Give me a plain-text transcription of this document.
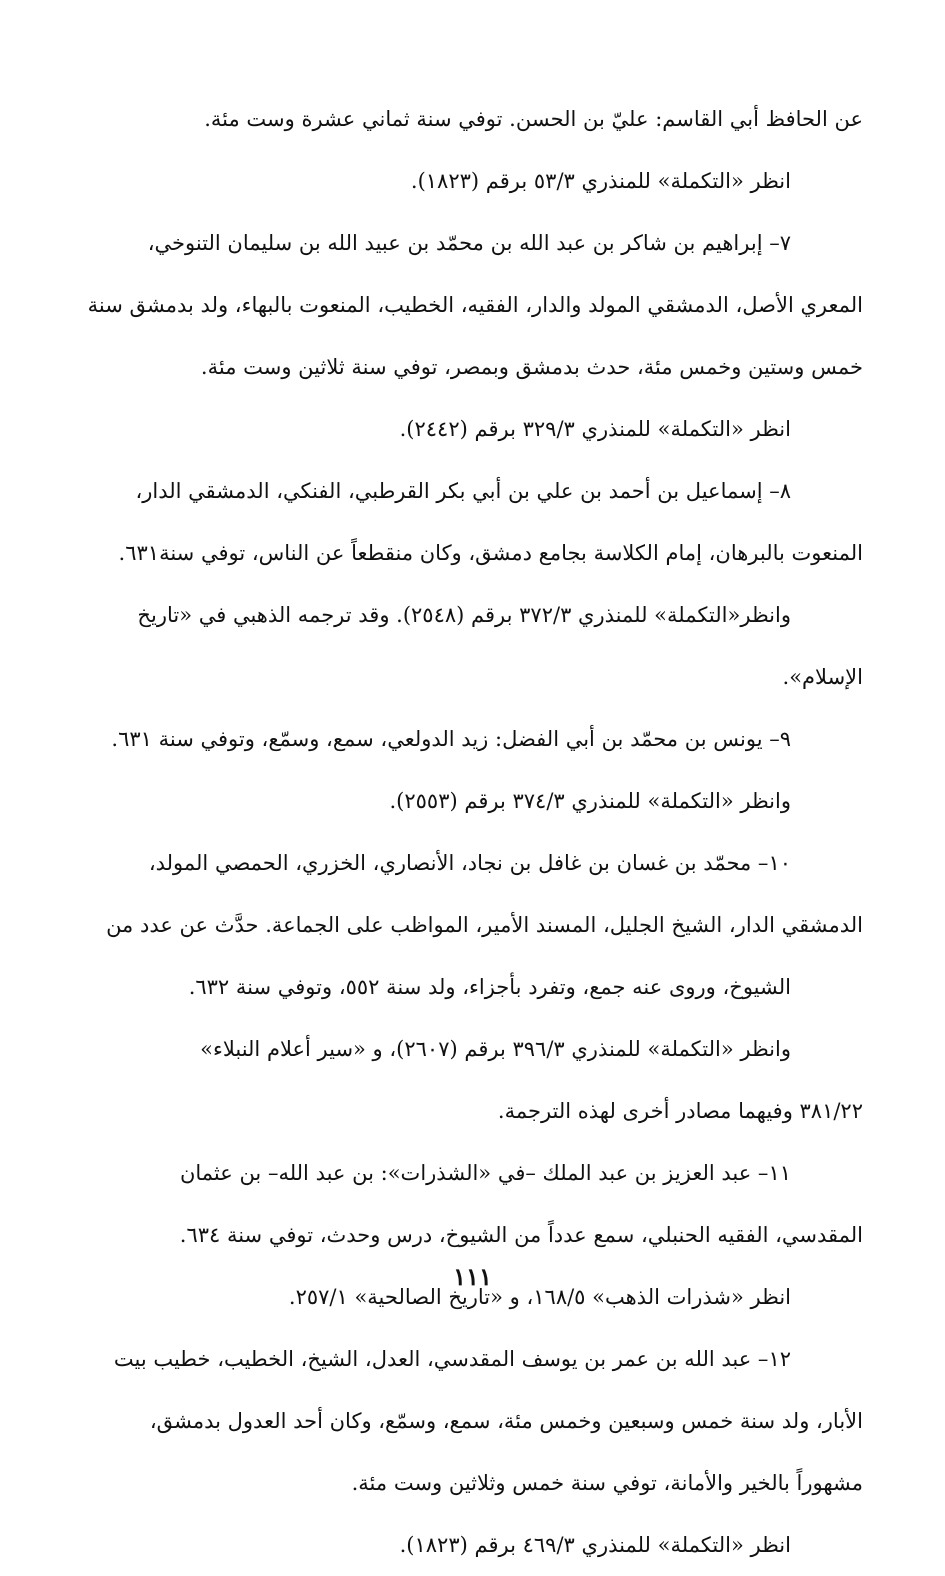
عن الحافظ أبي القاسم: عليّ بن الحسن. توفي سنة ثماني عشرة وست مئة.
انظر «التكملة» للمنذري ٥٣/٣ برقم (١٨٢٣).
٧– إبراهيم بن شاكر بن عبد الله بن محمّد بن عبيد الله بن سليمان التنوخي،
المعري الأصل، الدمشقي المولد والدار، الفقيه، الخطيب، المنعوت بالبهاء، ولد بدمشق سنة
خمس وستين وخمس مئة، حدث بدمشق وبمصر، توفي سنة ثلاثين وست مئة.
انظر «التكملة» للمنذري ٣٢٩/٣ برقم (٢٤٤٢).
٨– إسماعيل بن أحمد بن علي بن أبي بكر القرطبي، الفنكي، الدمشقي الدار،
المنعوت بالبرهان، إمام الكلاسة بجامع دمشق، وكان منقطعاً عن الناس، توفي سنة٦٣١.
وانظر«التكملة» للمنذري ٣٧٢/٣ برقم (٢٥٤٨). وقد ترجمه الذهبي في «تاريخ
الإسلام».
٩– يونس بن محمّد بن أبي الفضل: زيد الدولعي، سمع، وسمّع، وتوفي سنة ٦٣١.
وانظر «التكملة» للمنذري ٣٧٤/٣ برقم (٢٥٥٣).
١٠– محمّد بن غسان بن غافل بن نجاد، الأنصاري، الخزري، الحمصي المولد،
الدمشقي الدار، الشيخ الجليل، المسند الأمير، المواظب على الجماعة. حدَّث عن عدد من
الشيوخ، وروى عنه جمع، وتفرد بأجزاء، ولد سنة ٥٥٢، وتوفي سنة ٦٣٢.
وانظر «التكملة» للمنذري ٣٩٦/٣ برقم (٢٦٠٧)، و «سير أعلام النبلاء»
٣٨١/٢٢ وفيهما مصادر أخرى لهذه الترجمة.
١١– عبد العزيز بن عبد الملك –في «الشذرات»: بن عبد الله– بن عثمان
المقدسي، الفقيه الحنبلي، سمع عدداً من الشيوخ، درس وحدث، توفي سنة ٦٣٤.
انظر «شذرات الذهب» ١٦٨/٥، و «تاريخ الصالحية» ٢٥٧/١.
١٢– عبد الله بن عمر بن يوسف المقدسي، العدل، الشيخ، الخطيب، خطيب بيت
الأبار، ولد سنة خمس وسبعين وخمس مئة، سمع، وسمّع، وكان أحد العدول بدمشق،
مشهوراً بالخير والأمانة، توفي سنة خمس وثلاثين وست مئة.
انظر «التكملة» للمنذري ٤٦٩/٣ برقم (١٨٢٣).
١١١
